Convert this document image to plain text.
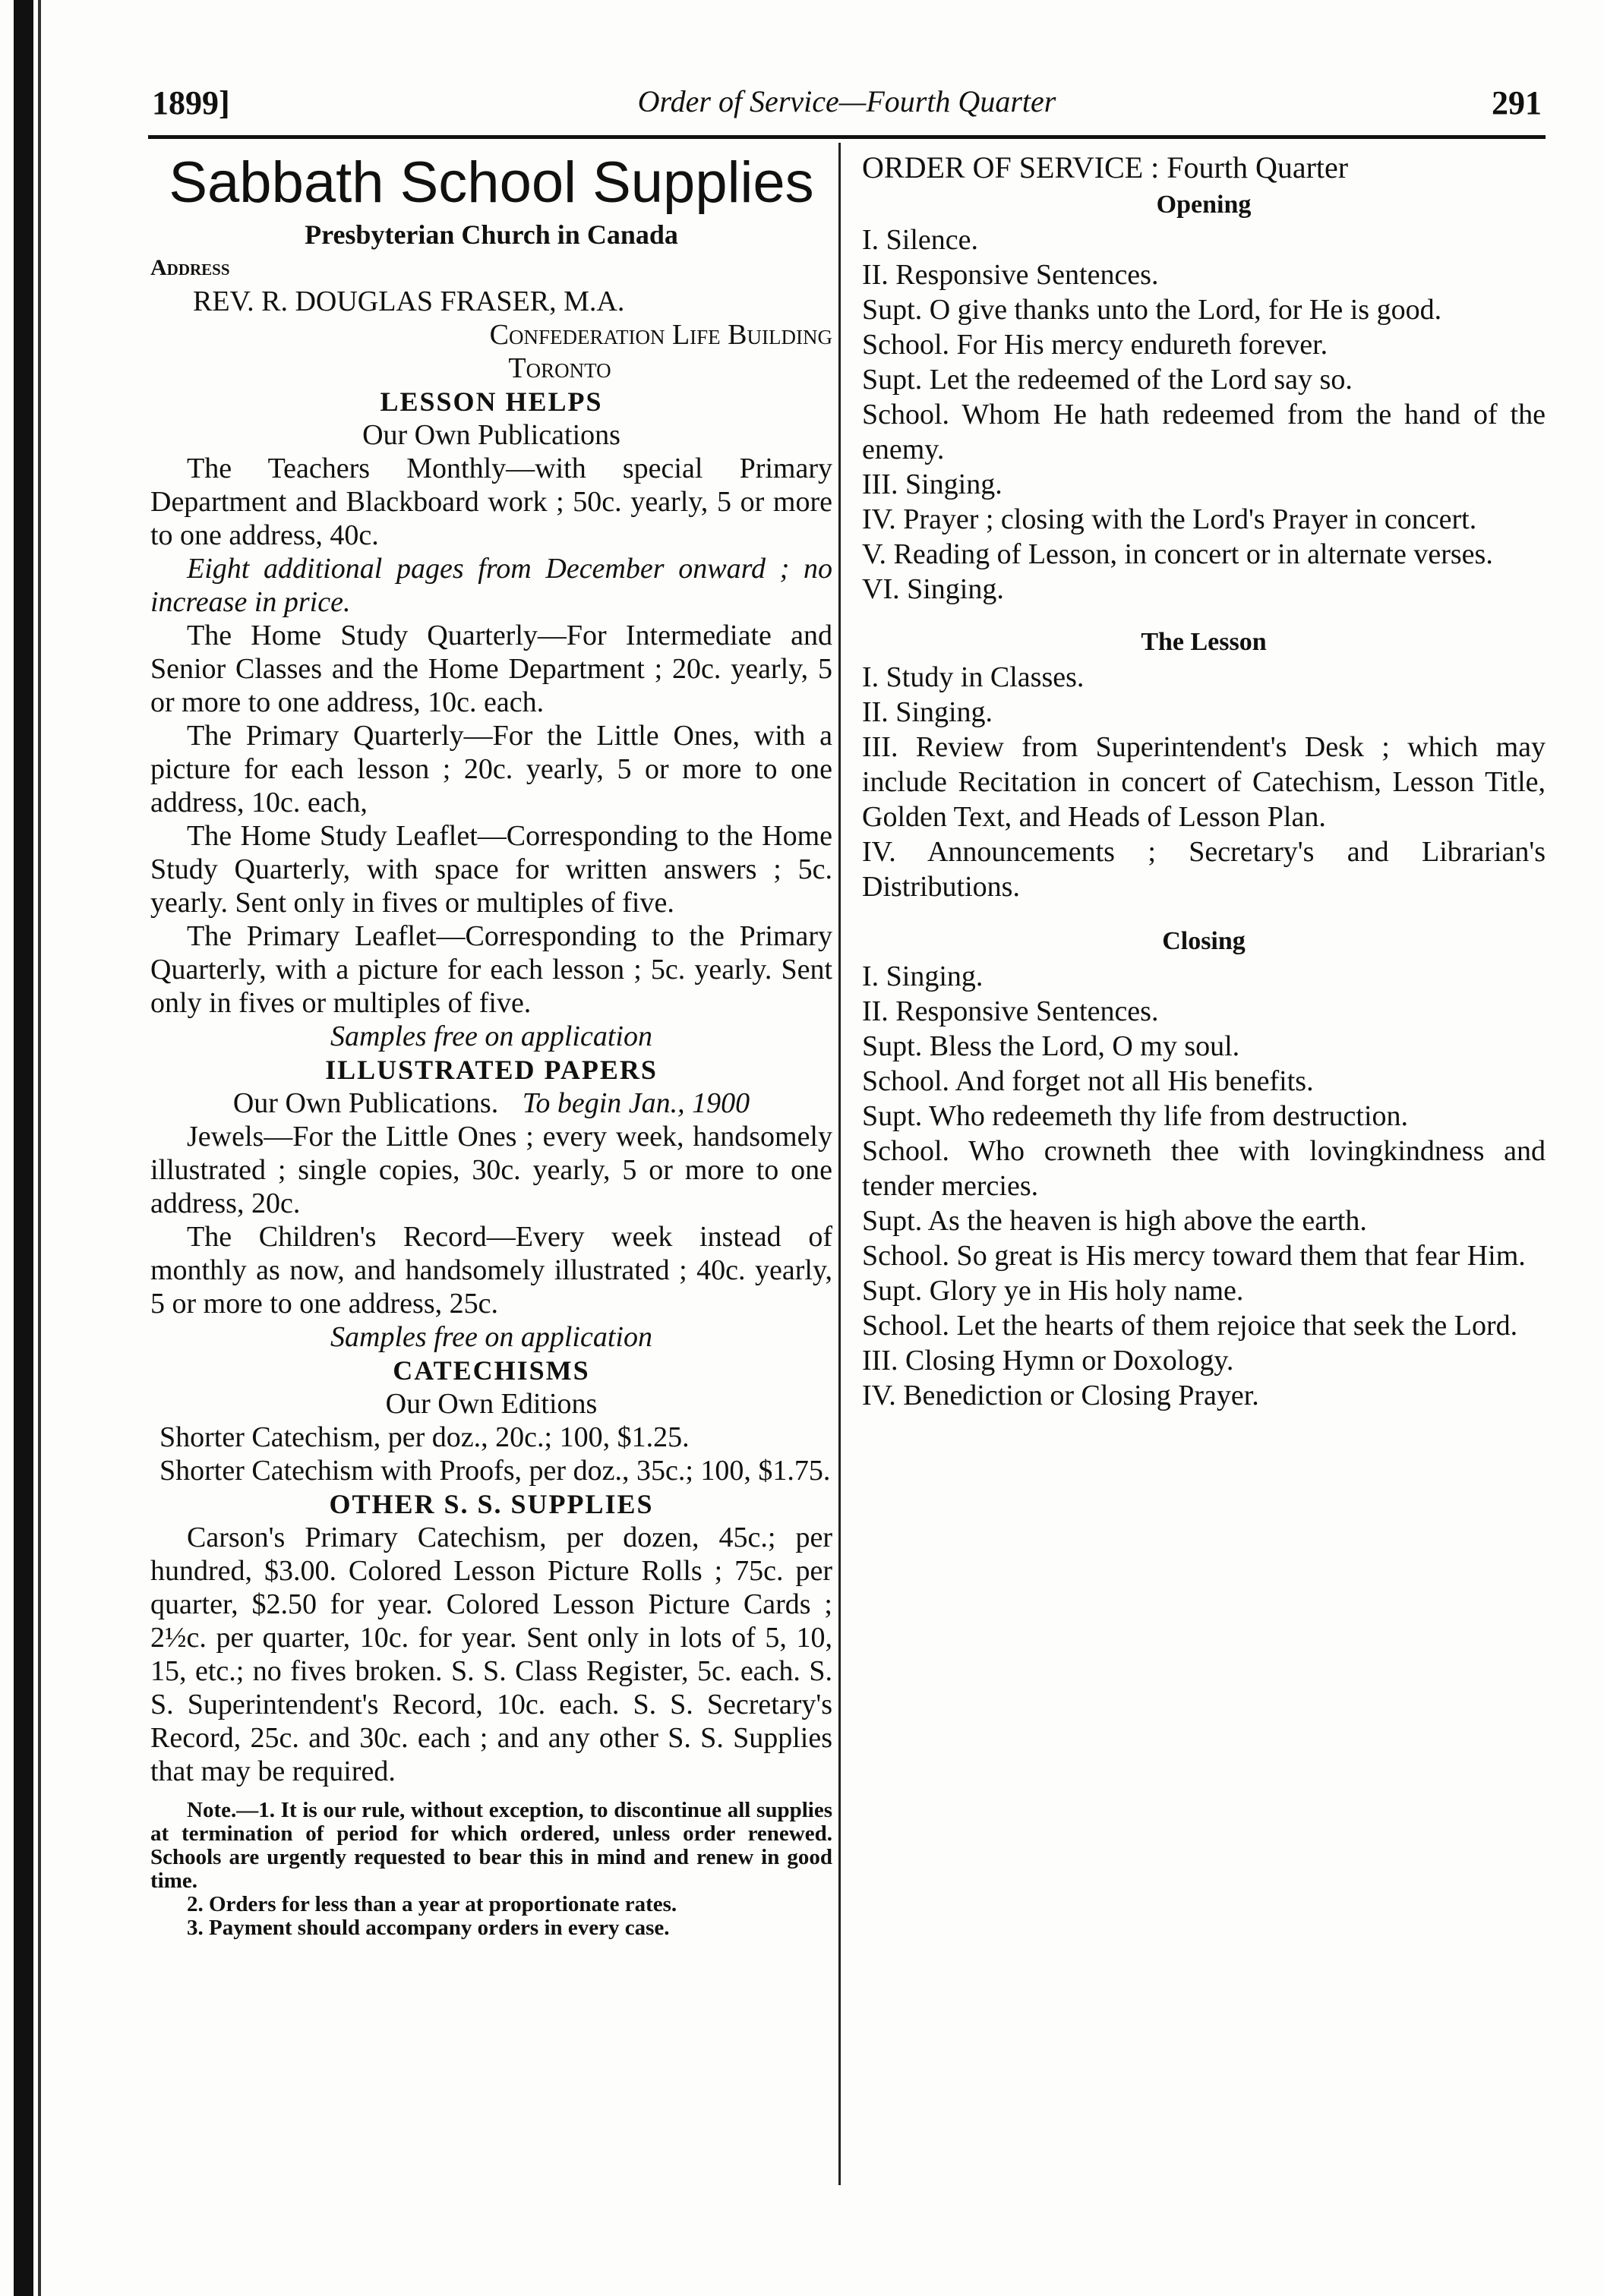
1899]	Order of Service—Fourth Quarter	291

Sabbath School Supplies

Presbyterian Church in Canada

Address

REV. R. DOUGLAS FRASER, M.A.

Confederation Life Building

Toronto

LESSON HELPS

Our Own Publications

The Teachers Monthly—with special Primary Department and Blackboard work ; 50c. yearly, 5 or more to one address, 40c.

Eight additional pages from December onward ; no increase in price.

The Home Study Quarterly—For Intermediate and Senior Classes and the Home Department ; 20c. yearly, 5 or more to one address, 10c. each.

The Primary Quarterly—For the Little Ones, with a picture for each lesson ; 20c. yearly, 5 or more to one address, 10c. each,

The Home Study Leaflet—Corresponding to the Home Study Quarterly, with space for written answers ; 5c. yearly. Sent only in fives or multiples of five.

The Primary Leaflet—Corresponding to the Primary Quarterly, with a picture for each lesson ; 5c. yearly. Sent only in fives or multiples of five.

Samples free on application

ILLUSTRATED PAPERS

Our Own Publications. To begin Jan., 1900

Jewels—For the Little Ones ; every week, handsomely illustrated ; single copies, 30c. yearly, 5 or more to one address, 20c.

The Children's Record—Every week instead of monthly as now, and handsomely illustrated ; 40c. yearly, 5 or more to one address, 25c.

Samples free on application

CATECHISMS

Our Own Editions

Shorter Catechism, per doz., 20c.; 100, $1.25.

Shorter Catechism with Proofs, per doz., 35c.; 100, $1.75.

OTHER S. S. SUPPLIES

Carson's Primary Catechism, per dozen, 45c.; per hundred, $3.00. Colored Lesson Picture Rolls ; 75c. per quarter, $2.50 for year. Colored Lesson Picture Cards ; 2½c. per quarter, 10c. for year. Sent only in lots of 5, 10, 15, etc.; no fives broken. S. S. Class Register, 5c. each. S. S. Superintendent's Record, 10c. each. S. S. Secretary's Record, 25c. and 30c. each ; and any other S. S. Supplies that may be required.

Note.—1. It is our rule, without exception, to discontinue all supplies at termination of period for which ordered, unless order renewed. Schools are urgently requested to bear this in mind and renew in good time.

2. Orders for less than a year at proportionate rates.

3. Payment should accompany orders in every case.

ORDER OF SERVICE : Fourth Quarter

Opening

I. Silence.

II. Responsive Sentences.

Supt. O give thanks unto the Lord, for He is good.

School. For His mercy endureth forever.

Supt. Let the redeemed of the Lord say so.

School. Whom He hath redeemed from the hand of the enemy.

III. Singing.

IV. Prayer ; closing with the Lord's Prayer in concert.

V. Reading of Lesson, in concert or in alternate verses.

VI. Singing.

The Lesson

I. Study in Classes.

II. Singing.

III. Review from Superintendent's Desk ; which may include Recitation in concert of Catechism, Lesson Title, Golden Text, and Heads of Lesson Plan.

IV. Announcements ; Secretary's and Librarian's Distributions.

Closing

I. Singing.

II. Responsive Sentences.

Supt. Bless the Lord, O my soul.

School. And forget not all His benefits.

Supt. Who redeemeth thy life from destruction.

School. Who crowneth thee with lovingkindness and tender mercies.

Supt. As the heaven is high above the earth.

School. So great is His mercy toward them that fear Him.

Supt. Glory ye in His holy name.

School. Let the hearts of them rejoice that seek the Lord.

III. Closing Hymn or Doxology.

IV. Benediction or Closing Prayer.
